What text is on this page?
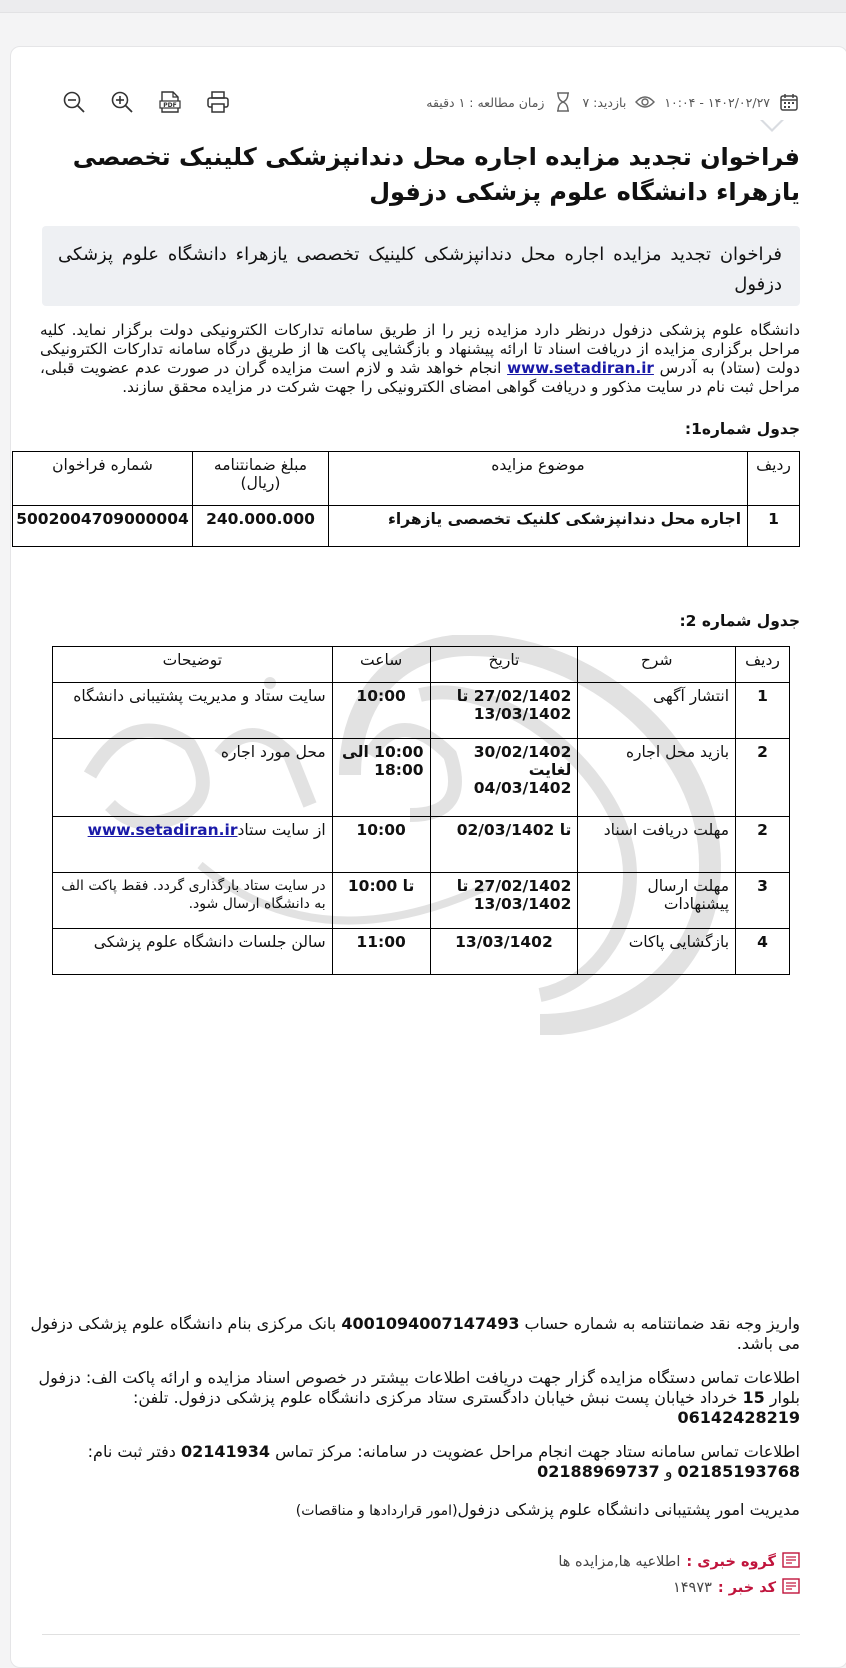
۱۴۰۲/۰۲/۲۷ - ۱۰:۰۴
بازدید: ۷
زمان مطالعه : ۱ دقیقه
PDF
فراخوان تجدید مزایده اجاره محل دندانپزشکی کلینیک تخصصی یازهراء دانشگاه علوم پزشکی دزفول
فراخوان تجدید مزایده اجاره محل دندانپزشکی کلینیک تخصصی یازهراء دانشگاه علوم پزشکی دزفول
دانشگاه علوم پزشکی دزفول درنظر دارد مزایده زیر را از طریق سامانه تدارکات الکترونیکی دولت برگزار نماید. کلیه مراحل برگزاری مزایده از دریافت اسناد تا ارائه پیشنهاد و بازگشایی پاکت ها از طریق درگاه سامانه تدارکات الکترونیکی دولت (ستاد) به آدرس www.setadiran.ir انجام خواهد شد و لازم است مزایده گران در صورت عدم عضویت قبلی، مراحل ثبت نام در سایت مذکور و دریافت گواهی امضای الکترونیکی را جهت شرکت در مزایده محقق سازند.
جدول شماره1:
ردیف	موضوع مزایده	مبلغ ضمانتنامه (ریال)	شماره فراخوان
1	اجاره محل دندانپزشکی کلنیک تخصصی یازهراء	240.000.000	5002004709000004
جدول شماره 2:
ردیف	شرح	تاریخ	ساعت	توضیحات
1	انتشار آگهی	27/02/1402 تا 13/03/1402	10:00	سایت ستاد و مدیریت پشتیبانی دانشگاه
2	بازید محل اجاره	30/02/1402 لغایت 04/03/1402	10:00 الی 18:00	محل مورد اجاره
2	مهلت دریافت اسناد	تا 02/03/1402	10:00	از سایت ستادwww.setadiran.ir
3	مهلت ارسال پیشنهادات	27/02/1402 تا 13/03/1402	تا 10:00	در سایت ستاد بارگذاری گردد. فقط پاکت الف به دانشگاه ارسال شود.
4	بازگشایی پاکات	13/03/1402	11:00	سالن جلسات دانشگاه علوم پزشکی
واریز وجه نقد ضمانتنامه به شماره حساب 4001094007147493 بانک مرکزی بنام دانشگاه علوم پزشکی دزفول می باشد.
اطلاعات تماس دستگاه مزایده گزار جهت دریافت اطلاعات بیشتر در خصوص اسناد مزایده و ارائه پاکت الف: دزفول بلوار 15 خرداد خیابان پست نبش خیابان دادگستری ستاد مرکزی دانشگاه علوم پزشکی دزفول. تلفن: 06142428219
اطلاعات تماس سامانه ستاد جهت انجام مراحل عضویت در سامانه: مرکز تماس 02141934 دفتر ثبت نام: 02185193768 و 02188969737
مدیریت امور پشتیبانی دانشگاه علوم پزشکی دزفول(امور قراردادها و مناقصات)
گروه خبری :
اطلاعیه ها,مزایده ها
کد خبر :
۱۴۹۷۳
